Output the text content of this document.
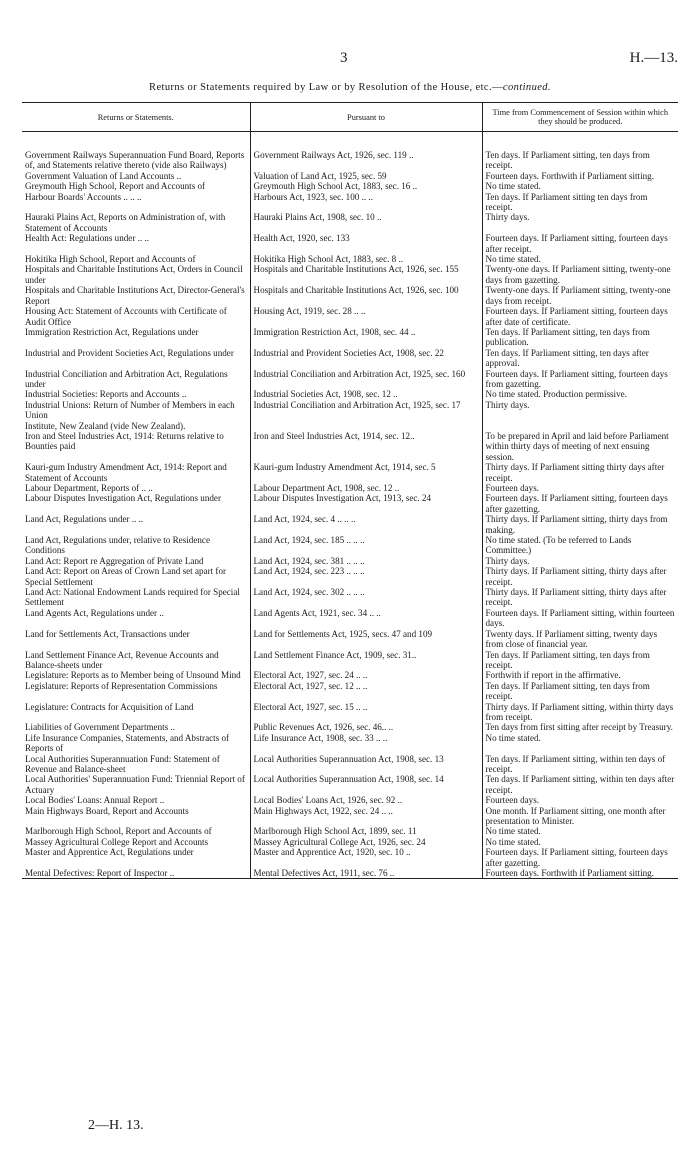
3	H.—13.
Returns or Statements required by Law or by Resolution of the House, etc.—continued.
Returns or Statements.	Pursuant to	Time from Commencement of Session within which they should be produced.

Government Railways Superannuation Fund Board, Reports of, and Statements relative thereto (vide also Railways)	Government Railways Act, 1926, sec. 119 ..	Ten days. If Parliament sitting, ten days from receipt.
Government Valuation of Land Accounts ..	Valuation of Land Act, 1925, sec. 59	Fourteen days. Forthwith if Parliament sitting.
Greymouth High School, Report and Accounts of	Greymouth High School Act, 1883, sec. 16 ..	No time stated.
Harbour Boards' Accounts .. .. ..	Harbours Act, 1923, sec. 100 .. ..	Ten days. If Parliament sitting ten days from receipt.
Hauraki Plains Act, Reports on Administration of, with Statement of Accounts	Hauraki Plains Act, 1908, sec. 10 ..	Thirty days.
Health Act: Regulations under .. ..	Health Act, 1920, sec. 133	Fourteen days. If Parliament sitting, fourteen days after receipt.
Hokitika High School, Report and Accounts of	Hokitika High School Act, 1883, sec. 8 ..	No time stated.
Hospitals and Charitable Institutions Act, Orders in Council under	Hospitals and Charitable Institutions Act, 1926, sec. 155	Twenty-one days. If Parliament sitting, twenty-one days from gazetting.
Hospitals and Charitable Institutions Act, Director-General's Report	Hospitals and Charitable Institutions Act, 1926, sec. 100	Twenty-one days. If Parliament sitting, twenty-one days from receipt.
Housing Act: Statement of Accounts with Certificate of Audit Office	Housing Act, 1919, sec. 28 .. ..	Fourteen days. If Parliament sitting, fourteen days after date of certificate.
Immigration Restriction Act, Regulations under	Immigration Restriction Act, 1908, sec. 44 ..	Ten days. If Parliament sitting, ten days from publication.
Industrial and Provident Societies Act, Regulations under	Industrial and Provident Societies Act, 1908, sec. 22	Ten days. If Parliament sitting, ten days after approval.
Industrial Conciliation and Arbitration Act, Regulations under	Industrial Conciliation and Arbitration Act, 1925, sec. 160	Fourteen days. If Parliament sitting, fourteen days from gazetting.
Industrial Societies: Reports and Accounts ..	Industrial Societies Act, 1908, sec. 12 ..	No time stated. Production permissive.
Industrial Unions: Return of Number of Members in each Union	Industrial Conciliation and Arbitration Act, 1925, sec. 17	Thirty days.
Institute, New Zealand (vide New Zealand).		
Iron and Steel Industries Act, 1914: Returns relative to Bounties paid	Iron and Steel Industries Act, 1914, sec. 12..	To be prepared in April and laid before Parliament within thirty days of meeting of next ensuing session.
Kauri-gum Industry Amendment Act, 1914: Report and Statement of Accounts	Kauri-gum Industry Amendment Act, 1914, sec. 5	Thirty days. If Parliament sitting thirty days after receipt.
Labour Department, Reports of .. ..	Labour Department Act, 1908, sec. 12 ..	Fourteen days.
Labour Disputes Investigation Act, Regulations under	Labour Disputes Investigation Act, 1913, sec. 24	Fourteen days. If Parliament sitting, fourteen days after gazetting.
Land Act, Regulations under .. ..	Land Act, 1924, sec. 4 .. .. ..	Thirty days. If Parliament sitting, thirty days from making.
Land Act, Regulations under, relative to Residence Conditions	Land Act, 1924, sec. 185 .. .. ..	No time stated. (To be referred to Lands Committee.)
Land Act: Report re Aggregation of Private Land	Land Act, 1924, sec. 381 .. .. ..	Thirty days.
Land Act: Report on Areas of Crown Land set apart for Special Settlement	Land Act, 1924, sec. 223 .. .. ..	Thirty days. If Parliament sitting, thirty days after receipt.
Land Act: National Endowment Lands required for Special Settlement	Land Act, 1924, sec. 302 .. .. ..	Thirty days. If Parliament sitting, thirty days after receipt.
Land Agents Act, Regulations under ..	Land Agents Act, 1921, sec. 34 .. ..	Fourteen days. If Parliament sitting, within fourteen days.
Land for Settlements Act, Transactions under	Land for Settlements Act, 1925, secs. 47 and 109	Twenty days. If Parliament sitting, twenty days from close of financial year.
Land Settlement Finance Act, Revenue Accounts and Balance-sheets under	Land Settlement Finance Act, 1909, sec. 31..	Ten days. If Parliament sitting, ten days from receipt.
Legislature: Reports as to Member being of Unsound Mind	Electoral Act, 1927, sec. 24 .. ..	Forthwith if report in the affirmative.
Legislature: Reports of Representation Commissions	Electoral Act, 1927, sec. 12 .. ..	Ten days. If Parliament sitting, ten days from receipt.
Legislature: Contracts for Acquisition of Land	Electoral Act, 1927, sec. 15 .. ..	Thirty days. If Parliament sitting, within thirty days from receipt.
Liabilities of Government Departments ..	Public Revenues Act, 1926, sec. 46.. ..	Ten days from first sitting after receipt by Treasury.
Life Insurance Companies, Statements, and Abstracts of Reports of	Life Insurance Act, 1908, sec. 33 .. ..	No time stated.
Local Authorities Superannuation Fund: Statement of Revenue and Balance-sheet	Local Authorities Superannuation Act, 1908, sec. 13	Ten days. If Parliament sitting, within ten days of receipt.
Local Authorities' Superannuation Fund: Triennial Report of Actuary	Local Authorities Superannuation Act, 1908, sec. 14	Ten days. If Parliament sitting, within ten days after receipt.
Local Bodies' Loans: Annual Report ..	Local Bodies' Loans Act, 1926, sec. 92 ..	Fourteen days.
Main Highways Board, Report and Accounts	Main Highways Act, 1922, sec. 24 .. ..	One month. If Parliament sitting, one month after presentation to Minister.
Marlborough High School, Report and Accounts of	Marlborough High School Act, 1899, sec. 11	No time stated.
Massey Agricultural College Report and Accounts	Massey Agricultural College Act, 1926, sec. 24	No time stated.
Master and Apprentice Act, Regulations under	Master and Apprentice Act, 1920, sec. 10 ..	Fourteen days. If Parliament sitting, fourteen days after gazetting.
Mental Defectives: Report of Inspector ..	Mental Defectives Act, 1911, sec. 76 ..	Fourteen days. Forthwith if Parliament sitting.
2—H. 13.
